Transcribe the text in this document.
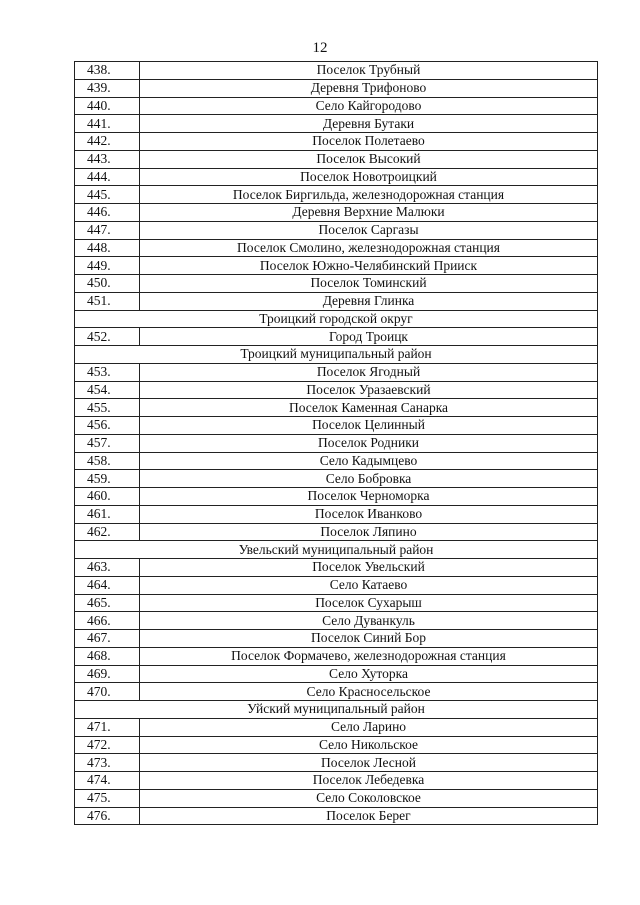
12
438.	Поселок Трубный
439.	Деревня Трифоново
440.	Село Кайгородово
441.	Деревня Бутаки
442.	Поселок Полетаево
443.	Поселок Высокий
444.	Поселок Новотроицкий
445.	Поселок Биргильда, железнодорожная станция
446.	Деревня Верхние Малюки
447.	Поселок Саргазы
448.	Поселок Смолино, железнодорожная станция
449.	Поселок Южно-Челябинский Прииск
450.	Поселок Томинский
451.	Деревня Глинка
Троицкий городской округ	
452.	Город Троицк
Троицкий муниципальный район	
453.	Поселок Ягодный
454.	Поселок Уразаевский
455.	Поселок Каменная Санарка
456.	Поселок Целинный
457.	Поселок Родники
458.	Село Кадымцево
459.	Село Бобровка
460.	Поселок Черноморка
461.	Поселок Иванково
462.	Поселок Ляпино
Увельский муниципальный район	
463.	Поселок Увельский
464.	Село Катаево
465.	Поселок Сухарыш
466.	Село Дуванкуль
467.	Поселок Синий Бор
468.	Поселок Формачево, железнодорожная станция
469.	Село Хуторка
470.	Село Красносельское
Уйский муниципальный район	
471.	Село Ларино
472.	Село Никольское
473.	Поселок Лесной
474.	Поселок Лебедевка
475.	Село Соколовское
476.	Поселок Берег
